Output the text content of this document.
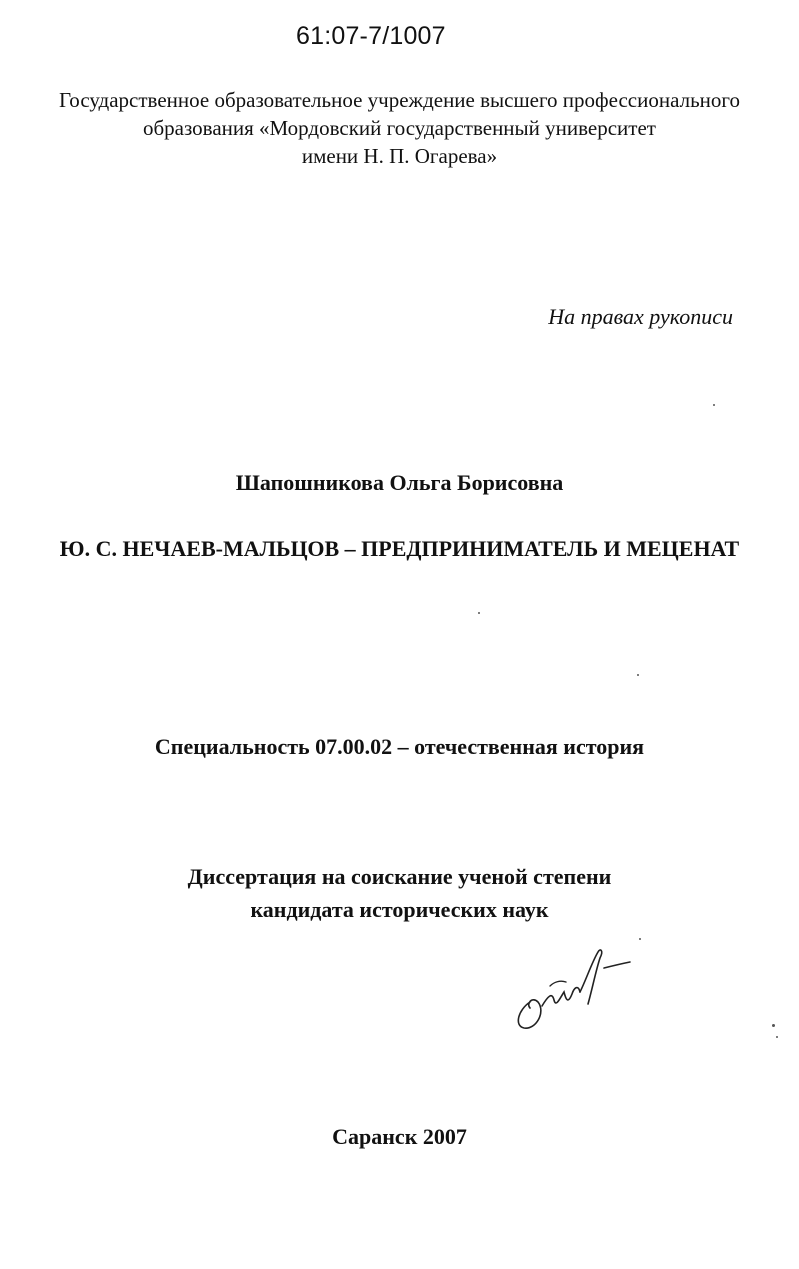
61:07-7/1007
Государственное образовательное учреждение высшего профессионального
образования «Мордовский государственный университет
имени Н. П. Огарева»
На правах рукописи
Шапошникова Ольга Борисовна
Ю. С. НЕЧАЕВ-МАЛЬЦОВ – ПРЕДПРИНИМАТЕЛЬ И МЕЦЕНАТ
Специальность 07.00.02 – отечественная история
Диссертация на соискание ученой степени
кандидата исторических наук
Саранск 2007
